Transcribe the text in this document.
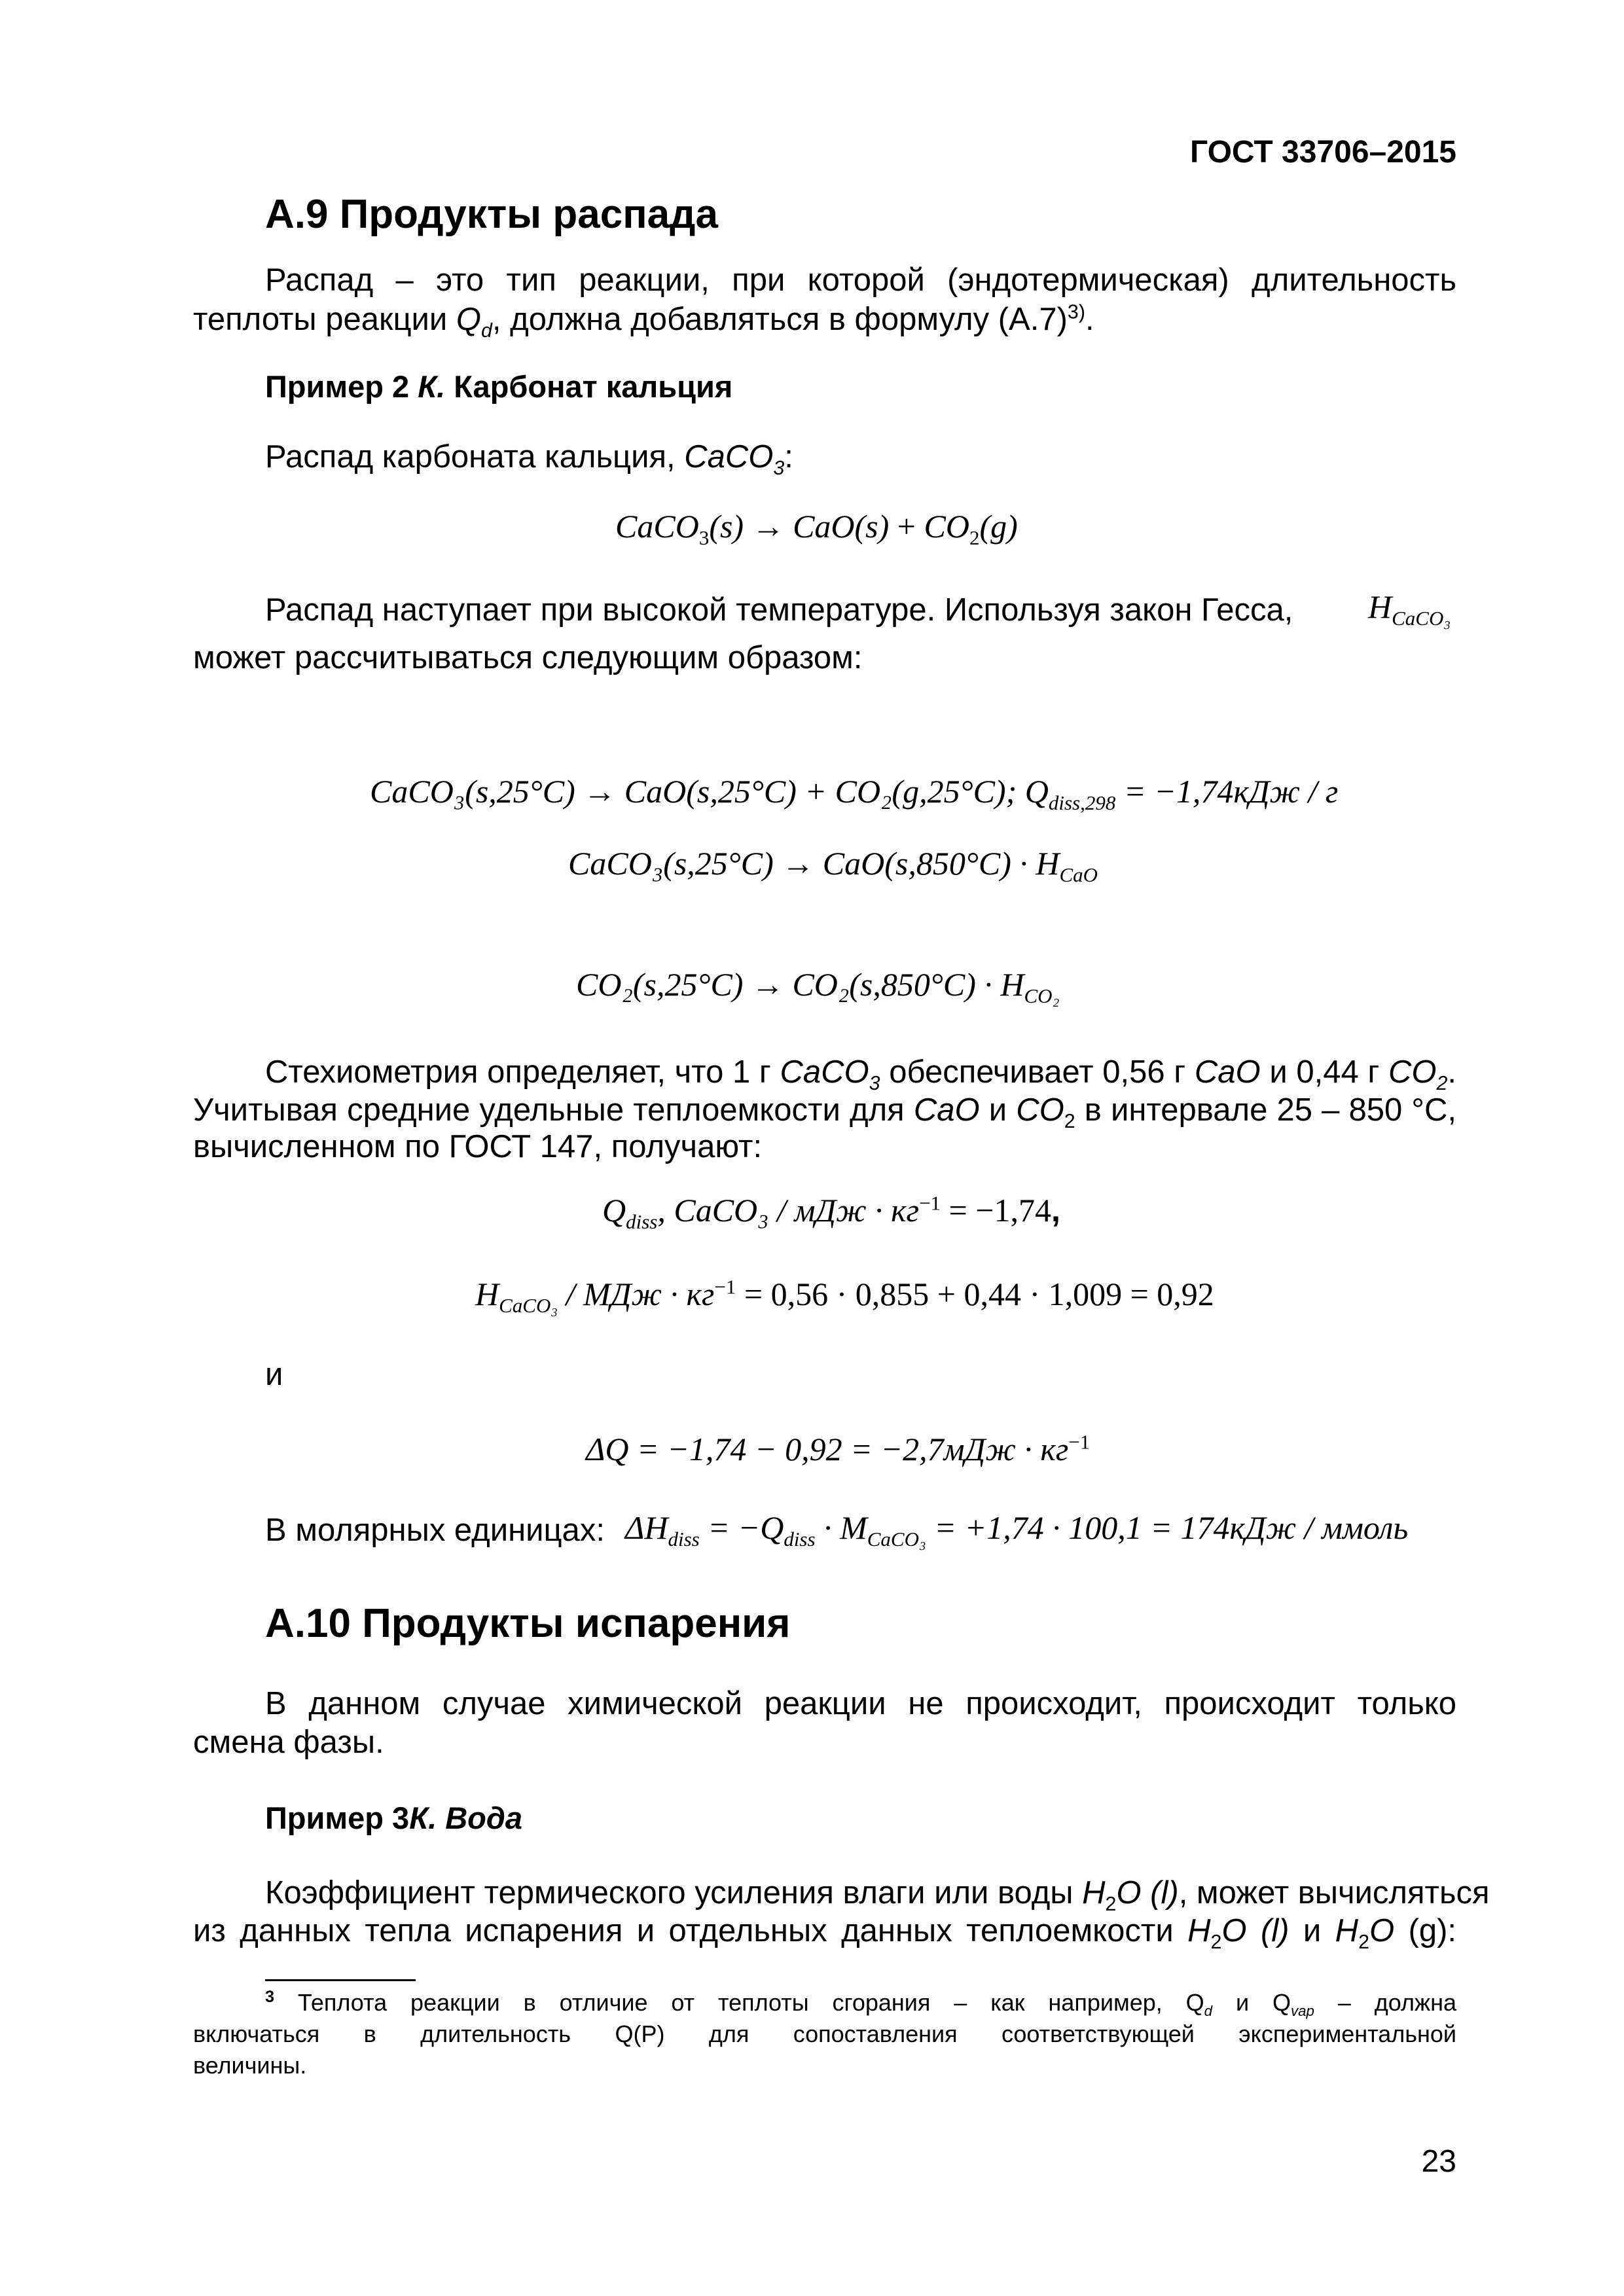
ГОСТ 33706–2015
А.9 Продукты распада
Распад – это тип реакции, при которой (эндотермическая) длительность
теплоты реакции $Q_d$, должна добавляться в формулу $(А.7)^{3)}$.
Пример 2 К. Карбонат кальция
Распад карбоната кальция, CaCO$_3$:
CaCO$_3$(s) → $CaO(s) + CO_2(g)$
Распад наступает при высокой температуре. Используя закон Гесса, $H_{CaCO_3}$
может рассчитываться следующим образом:
CaCO₃(s,25°C) → CaO(s,25°C) + CO₂(g,25°C); $Q_{diss,298} = -1,74кДж / г$
CaCO₃(s,25°C) → $CaO(s,850^\circ C) \cdot H_{CaO}$
$CO_2(s,25^\circ C) \to CO_2(s,850^\circ C) \cdot H_{CO_2}$
Стехиометрия определяет, что 1 г CaCO$_3$ обеспечивает 0,56 г CaO и 0,44 г $CO_2$.
Учитывая средние удельные теплоемкости для CaO и $CO_2$ в интервале 25 – 850 °C,
вычисленном по ГОСТ 147, получают:
$Q_{diss}$, CaCO₃ / мДж · $кг^{-1} = -1,74$,
$H_{CaCO_3}$ / МДж · $кг^{-1} = 0,56 \cdot 0,855 + 0,44 \cdot 1,009 = 0,92$
и
$\Delta Q = -1,74 - 0,92 = -2,7мДж \cdot кг^{-1}$
В молярных единицах: $\Delta H_{diss} = -Q_{diss} \cdot M_{CaCO_3} = +1,74 \cdot 100,1 = 174кДж$ / ммоль
А.10 Продукты испарения
В данном случае химической реакции не происходит, происходит только
смена фазы.
Пример 3К. Вода
Коэффициент термического усиления влаги или воды $H_2O$ (l), может вычисляться
из данных тепла испарения и отдельных данных теплоемкости $H_2O$ (l) и $H_2O$ (g):
$^3$ Теплота реакции в отличие от теплоты сгорания – как например, $Q_d$ и $Q_{vap}$ – должна
включаться в длительность Q(P) для сопоставления соответствующей экспериментальной
величины.
23
